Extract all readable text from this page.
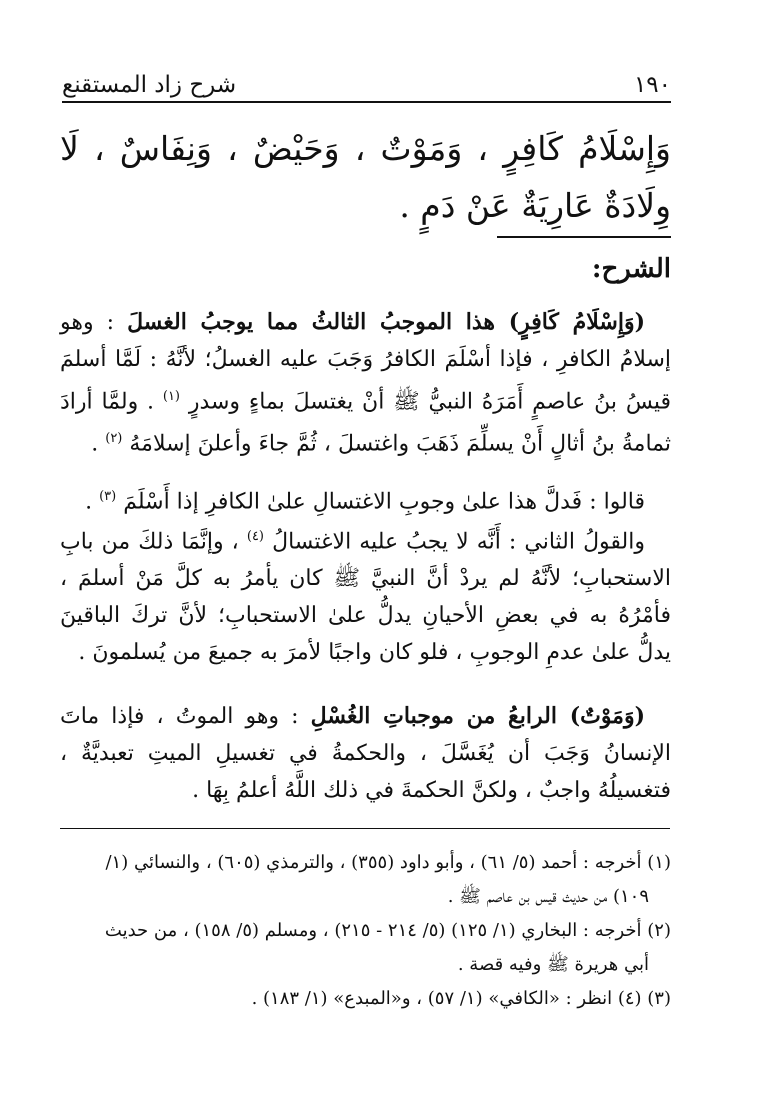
١٩٠
شرح زاد المستقنع
وَإِسْلَامُ كَافِرٍ ، وَمَوْتٌ ، وَحَيْضٌ ، وَنِفَاسٌ ، لَا وِلَادَةٌ عَارِيَةٌ عَنْ دَمٍ .
الشرح:

(وَإِسْلَامُ كَافِرٍ) هذا الموجبُ الثالثُ مما يوجبُ الغسلَ : وهو إسلامُ الكافرِ ، فإذا أسْلَمَ الكافرُ وَجَبَ عليه الغسلُ؛ لأنَّهُ : لَمَّا أسلمَ قيسُ بنُ عاصمٍ أَمَرَهُ النبيُّ ﷺ أنْ يغتسلَ بماءٍ وسدرٍ $^{(١)}$ . ولمَّا أرادَ ثمامةُ بنُ أثالٍ أَنْ يسلِّمَ ذَهَبَ واغتسلَ ، ثُمَّ جاءَ وأعلنَ إسلامَهُ $^{(٢)}$ .

قالوا : فَدلَّ هذا علىٰ وجوبِ الاغتسالِ علىٰ الكافرِ إذا أَسْلَمَ $^{(٣)}$ .

والقولُ الثاني : أَنَّه لا يجبُ عليه الاغتسالُ $^{(٤)}$ ، وإنَّمَا ذلكَ من بابِ الاستحبابِ؛ لأنَّهُ لم يردْ أنَّ النبيَّ ﷺ كان يأمرُ به كلَّ مَنْ أسلمَ ، فأمْرُهُ به في بعضِ الأحيانِ يدلُّ علىٰ الاستحبابِ؛ لأنَّ تركَ الباقينَ يدلُّ علىٰ عدمِ الوجوبِ ، فلو كان واجبًا لأمرَ به جميعَ من يُسلمونَ .

(وَمَوْتٌ) الرابعُ من موجباتِ الغُسْلِ : وهو الموتُ ، فإذا ماتَ الإنسانُ وَجَبَ أن يُغَسَّلَ ، والحكمةُ في تغسيلِ الميتِ تعبديَّةٌ ، فتغسيلُهُ واجبٌ ، ولكنَّ الحكمةَ في ذلك اللَّهُ أعلمُ بِهَا .

(١) أخرجه : أحمد (٥/ ٦١) ، وأبو داود (٣٥٥) ، والترمذي (٦٠٥) ، والنسائي (١/
١٠٩) من حديث قيس بن عاصم ﷺ .
(٢) أخرجه : البخاري (١/ ١٢٥) (٥/ ٢١٤ - ٢١٥) ، ومسلم (٥/ ١٥٨) ، من حديث
أبي هريرة ﷺ وفيه قصة .
(٣) (٤) انظر : «الكافي» (١/ ٥٧) ، و«المبدع» (١/ ١٨٣) .
